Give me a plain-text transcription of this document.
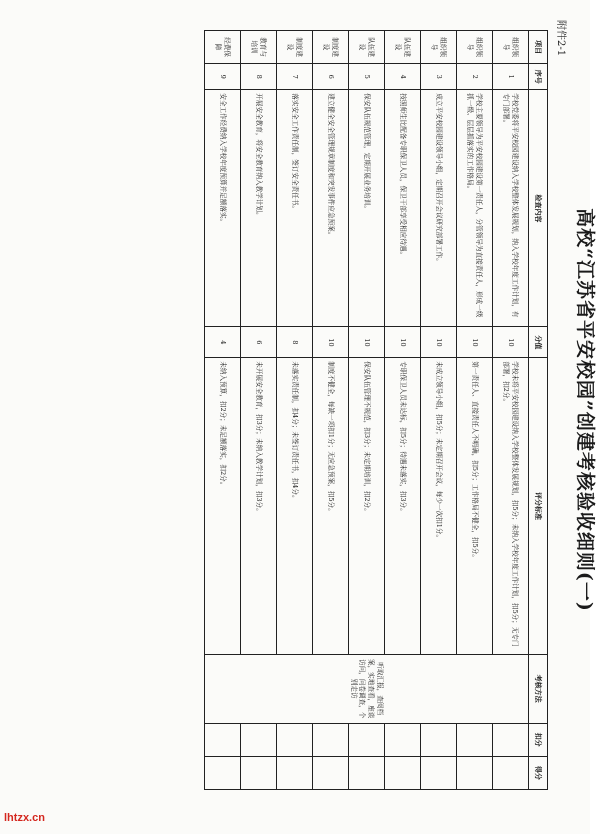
附件2-1
高校“江苏省平安校园”创建考核验收细则(一)
项目	序号	检查内容	分值	评分标准	考核方法	扣分	得分
组织领导	1	学校党委将平安校园建设纳入学校整体发展规划，纳入学校年度工作计划，有专门部署。	10	学校未将平安校园建设纳入学校整体发展规划，扣5分；未纳入学校年度工作计划，扣5分；无专门部署，扣2分。	听取汇报，查阅档案，实地查看，座谈访问，问卷调查，个别走访		
组织领导	2	学校主要领导为平安校园建设第一责任人，分管领导为直接责任人，形成一级抓一级、层层抓落实的工作格局。	10	第一责任人、直接责任人不明确，扣5分；工作格局不健全，扣5分。			
组织领导	3	成立平安校园建设领导小组，定期召开会议研究部署工作。	10	未成立领导小组，扣5分；未定期召开会议，每少一次扣1分。			
队伍建设	4	按照师生比配备专职保卫人员，保卫干部享受相应待遇。	10	专职保卫人员未达标，扣5分；待遇未落实，扣3分。			
队伍建设	5	保安队伍规范管理，定期开展业务培训。	10	保安队伍管理不规范，扣3分；未定期培训，扣2分。			
制度建设	6	建立健全安全管理规章制度和突发事件应急预案。	10	制度不健全，每缺一项扣1分；无应急预案，扣5分。			
制度建设	7	落实安全工作责任制，签订安全责任书。	8	未落实责任制，扣4分；未签订责任书，扣4分。			
教育与培训	8	开展安全教育，将安全教育纳入教学计划。	6	未开展安全教育，扣3分；未纳入教学计划，扣3分。			
经费保障	9	安全工作经费纳入学校年度预算并足额落实。	4	未纳入预算，扣2分；未足额落实，扣2分。			
lhtzx.cn
